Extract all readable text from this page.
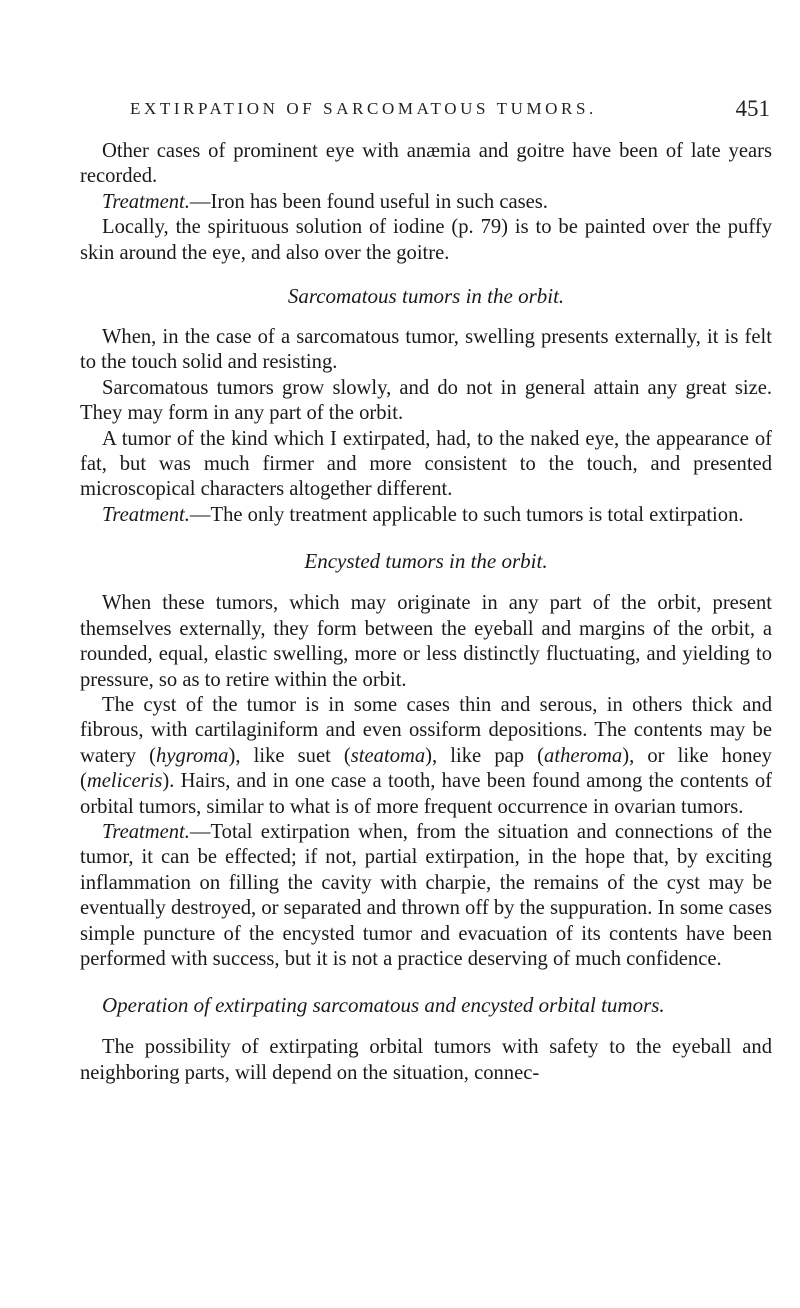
EXTIRPATION OF SARCOMATOUS TUMORS.	451

Other cases of prominent eye with anæmia and goitre have been of late years recorded.

Treatment.—Iron has been found useful in such cases.

Locally, the spirituous solution of iodine (p. 79) is to be painted over the puffy skin around the eye, and also over the goitre.

Sarcomatous tumors in the orbit.

When, in the case of a sarcomatous tumor, swelling presents externally, it is felt to the touch solid and resisting.

Sarcomatous tumors grow slowly, and do not in general attain any great size. They may form in any part of the orbit.

A tumor of the kind which I extirpated, had, to the naked eye, the appearance of fat, but was much firmer and more consistent to the touch, and presented microscopical characters altogether different.

Treatment.—The only treatment applicable to such tumors is total extirpation.

Encysted tumors in the orbit.

When these tumors, which may originate in any part of the orbit, present themselves externally, they form between the eyeball and margins of the orbit, a rounded, equal, elastic swelling, more or less distinctly fluctuating, and yielding to pressure, so as to retire within the orbit.

The cyst of the tumor is in some cases thin and serous, in others thick and fibrous, with cartilaginiform and even ossiform depositions. The contents may be watery (hygroma), like suet (steatoma), like pap (atheroma), or like honey (meliceris). Hairs, and in one case a tooth, have been found among the contents of orbital tumors, similar to what is of more frequent occurrence in ovarian tumors.

Treatment.—Total extirpation when, from the situation and connections of the tumor, it can be effected; if not, partial extirpation, in the hope that, by exciting inflammation on filling the cavity with charpie, the remains of the cyst may be eventually destroyed, or separated and thrown off by the suppuration. In some cases simple puncture of the encysted tumor and evacuation of its contents have been performed with success, but it is not a practice deserving of much confidence.

Operation of extirpating sarcomatous and encysted orbital tumors.

The possibility of extirpating orbital tumors with safety to the eyeball and neighboring parts, will depend on the situation, connec-
